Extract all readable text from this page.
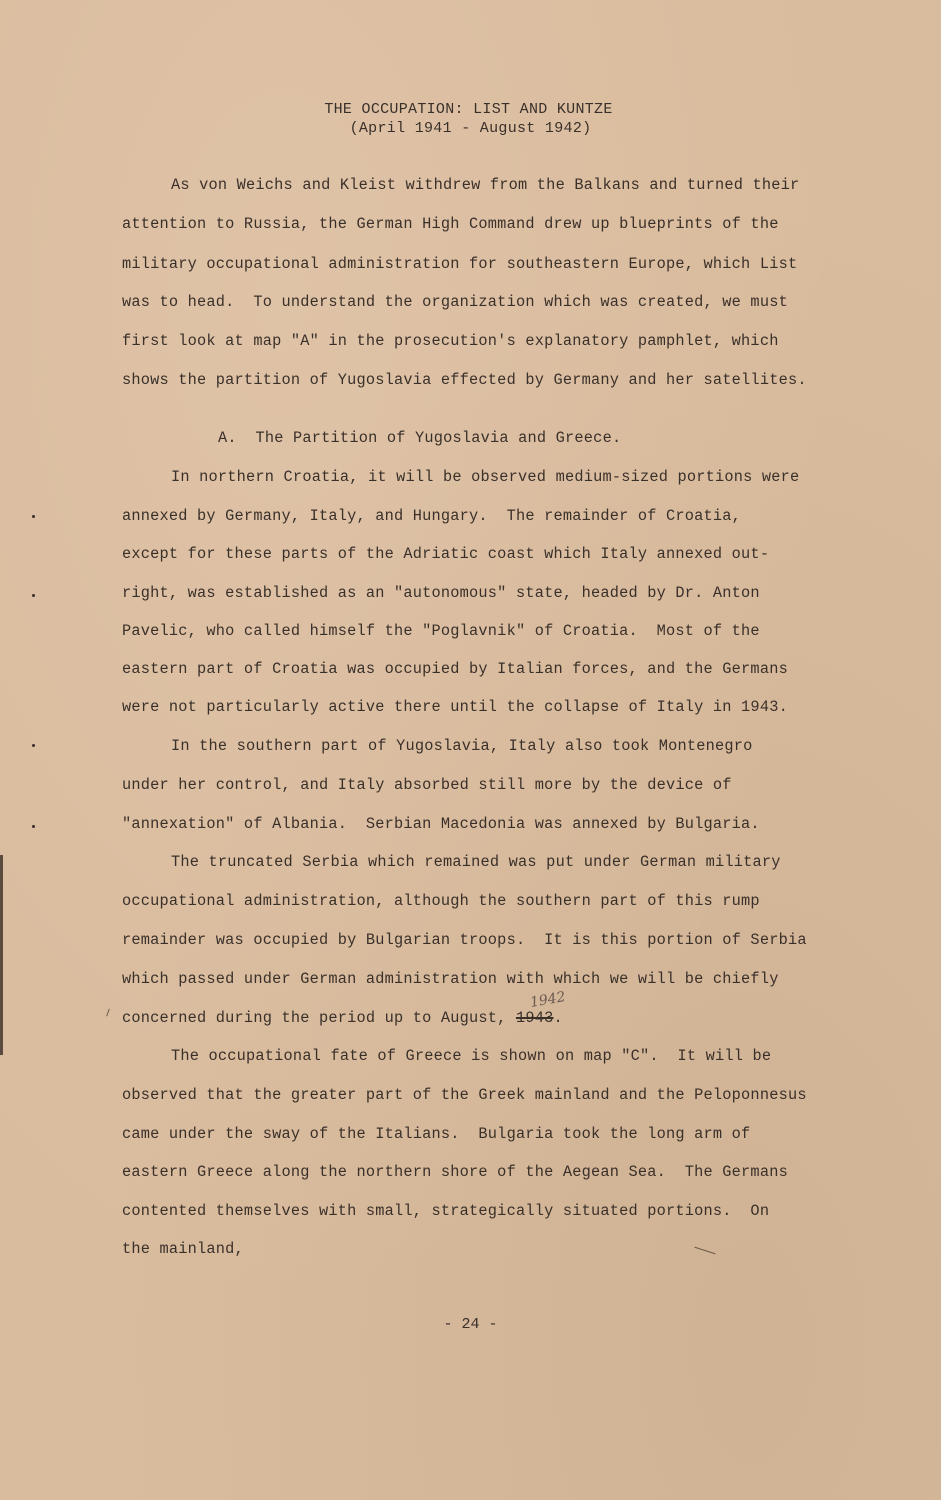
THE OCCUPATION: LIST AND KUNTZE
(April 1941 - August 1942)
As von Weichs and Kleist withdrew from the Balkans and turned their
attention to Russia, the German High Command drew up blueprints of the
military occupational administration for southeastern Europe, which List
was to head.  To understand the organization which was created, we must
first look at map "A" in the prosecution's explanatory pamphlet, which
shows the partition of Yugoslavia effected by Germany and her satellites.
A.  The Partition of Yugoslavia and Greece.
In northern Croatia, it will be observed medium-sized portions were
annexed by Germany, Italy, and Hungary.  The remainder of Croatia,
except for these parts of the Adriatic coast which Italy annexed out-
right, was established as an "autonomous" state, headed by Dr. Anton
Pavelic, who called himself the "Poglavnik" of Croatia.  Most of the
eastern part of Croatia was occupied by Italian forces, and the Germans
were not particularly active there until the collapse of Italy in 1943.
In the southern part of Yugoslavia, Italy also took Montenegro
under her control, and Italy absorbed still more by the device of
"annexation" of Albania.  Serbian Macedonia was annexed by Bulgaria.
The truncated Serbia which remained was put under German military
occupational administration, although the southern part of this rump
remainder was occupied by Bulgarian troops.  It is this portion of Serbia
which passed under German administration with which we will be chiefly
concerned during the period up to August, 1943.
1942
The occupational fate of Greece is shown on map "C".  It will be
observed that the greater part of the Greek mainland and the Peloponnesus
came under the sway of the Italians.  Bulgaria took the long arm of
eastern Greece along the northern shore of the Aegean Sea.  The Germans
contented themselves with small, strategically situated portions.  On
the mainland,
- 24 -
